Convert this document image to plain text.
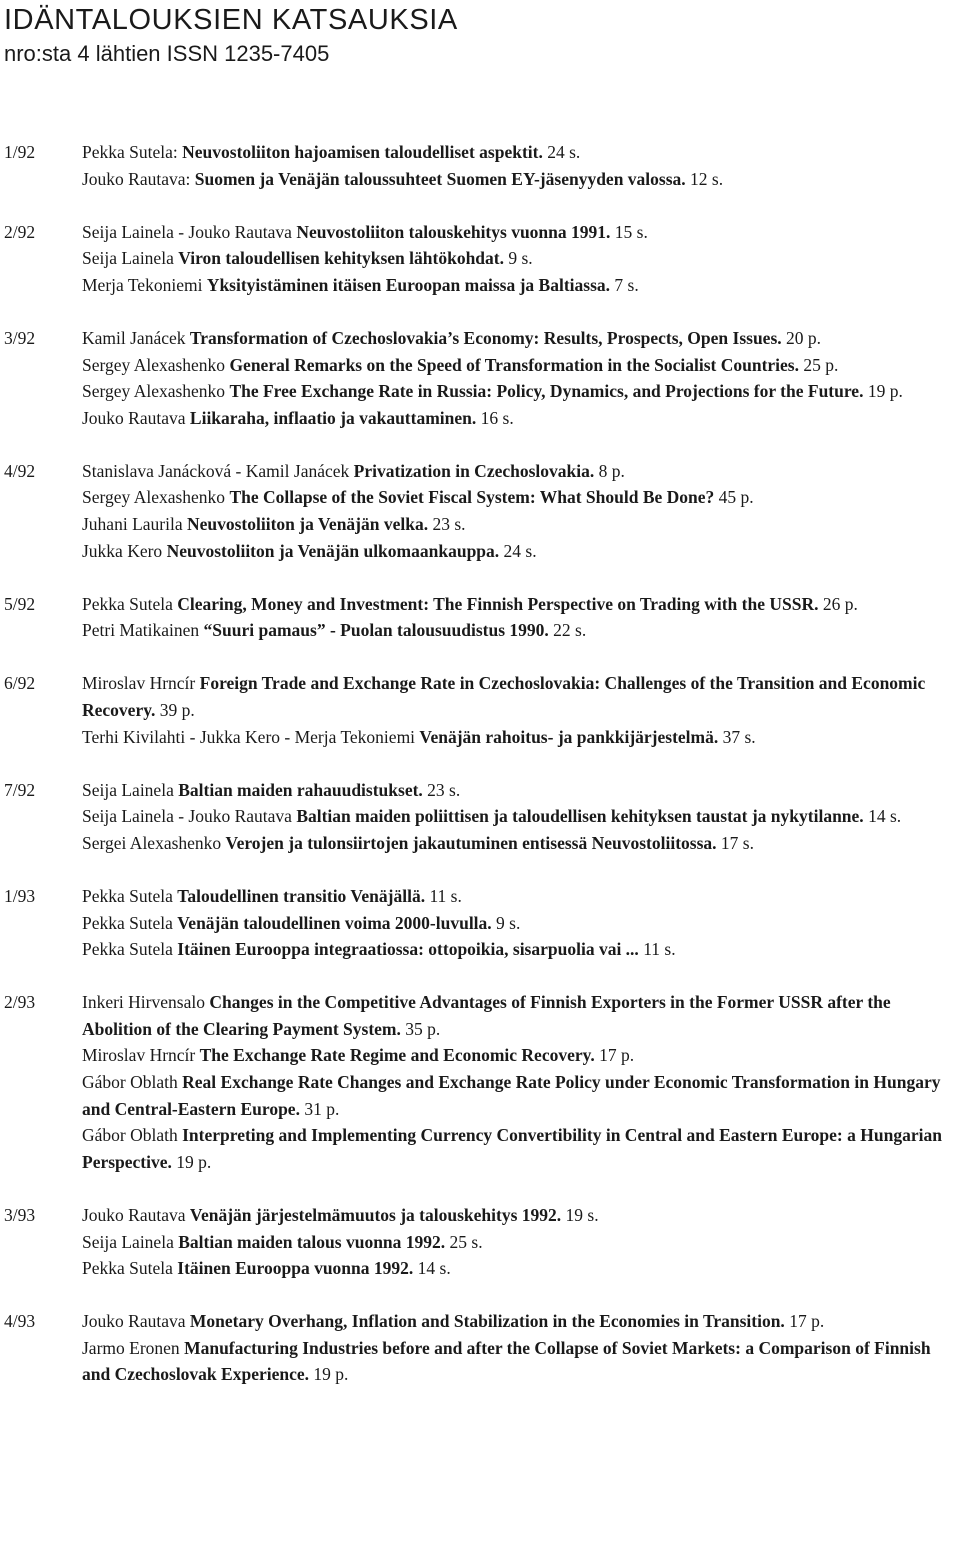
IDÄNTALOUKSIEN KATSAUKSIA
nro:sta 4 lähtien ISSN 1235-7405
1/92	Pekka Sutela: Neuvostoliiton hajoamisen taloudelliset aspektit. 24 s.
Jouko Rautava: Suomen ja Venäjän taloussuhteet Suomen EY-jäsenyyden valossa. 12 s.
2/92	Seija Lainela - Jouko Rautava Neuvostoliiton talouskehitys vuonna 1991. 15 s.
Seija Lainela Viron taloudellisen kehityksen lähtökohdat. 9 s.
Merja Tekoniemi Yksityistäminen itäisen Euroopan maissa ja Baltiassa. 7 s.
3/92	Kamil Janácek Transformation of Czechoslovakia’s Economy: Results, Prospects, Open Issues. 20 p.
Sergey Alexashenko General Remarks on the Speed of Transformation in the Socialist Countries. 25 p.
Sergey Alexashenko The Free Exchange Rate in Russia: Policy, Dynamics, and Projections for the Future. 19 p.
Jouko Rautava Liikaraha, inflaatio ja vakauttaminen. 16 s.
4/92	Stanislava Janácková - Kamil Janácek Privatization in Czechoslovakia. 8 p.
Sergey Alexashenko The Collapse of the Soviet Fiscal System: What Should Be Done? 45 p.
Juhani Laurila Neuvostoliiton ja Venäjän velka. 23 s.
Jukka Kero Neuvostoliiton ja Venäjän ulkomaankauppa. 24 s.
5/92	Pekka Sutela Clearing, Money and Investment: The Finnish Perspective on Trading with the USSR. 26 p.
Petri Matikainen “Suuri pamaus” - Puolan talousuudistus 1990. 22 s.
6/92	Miroslav Hrncír Foreign Trade and Exchange Rate in Czechoslovakia: Challenges of the Transition and Economic Recovery. 39 p.
Terhi Kivilahti - Jukka Kero - Merja Tekoniemi Venäjän rahoitus- ja pankkijärjestelmä. 37 s.
7/92	Seija Lainela Baltian maiden rahauudistukset. 23 s.
Seija Lainela - Jouko Rautava Baltian maiden poliittisen ja taloudellisen kehityksen taustat ja nykytilanne. 14 s.
Sergei Alexashenko Verojen ja tulonsiirtojen jakautuminen entisessä Neuvostoliitossa. 17 s.
1/93	Pekka Sutela Taloudellinen transitio Venäjällä. 11 s.
Pekka Sutela Venäjän taloudellinen voima 2000-luvulla. 9 s.
Pekka Sutela Itäinen Eurooppa integraatiossa: ottopoikia, sisarpuolia vai ... 11 s.
2/93	Inkeri Hirvensalo Changes in the Competitive Advantages of Finnish Exporters in the Former USSR after the Abolition of the Clearing Payment System. 35 p.
Miroslav Hrncír The Exchange Rate Regime and Economic Recovery. 17 p.
Gábor Oblath Real Exchange Rate Changes and Exchange Rate Policy under Economic Transformation in Hungary and Central-Eastern Europe. 31 p.
Gábor Oblath Interpreting and Implementing Currency Convertibility in Central and Eastern Europe: a Hungarian Perspective. 19 p.
3/93	Jouko Rautava Venäjän järjestelmämuutos ja talouskehitys 1992. 19 s.
Seija Lainela Baltian maiden talous vuonna 1992. 25 s.
Pekka Sutela Itäinen Eurooppa vuonna 1992. 14 s.
4/93	Jouko Rautava Monetary Overhang, Inflation and Stabilization in the Economies in Transition. 17 p.
Jarmo Eronen Manufacturing Industries before and after the Collapse of Soviet Markets: a Comparison of Finnish and Czechoslovak Experience. 19 p.
